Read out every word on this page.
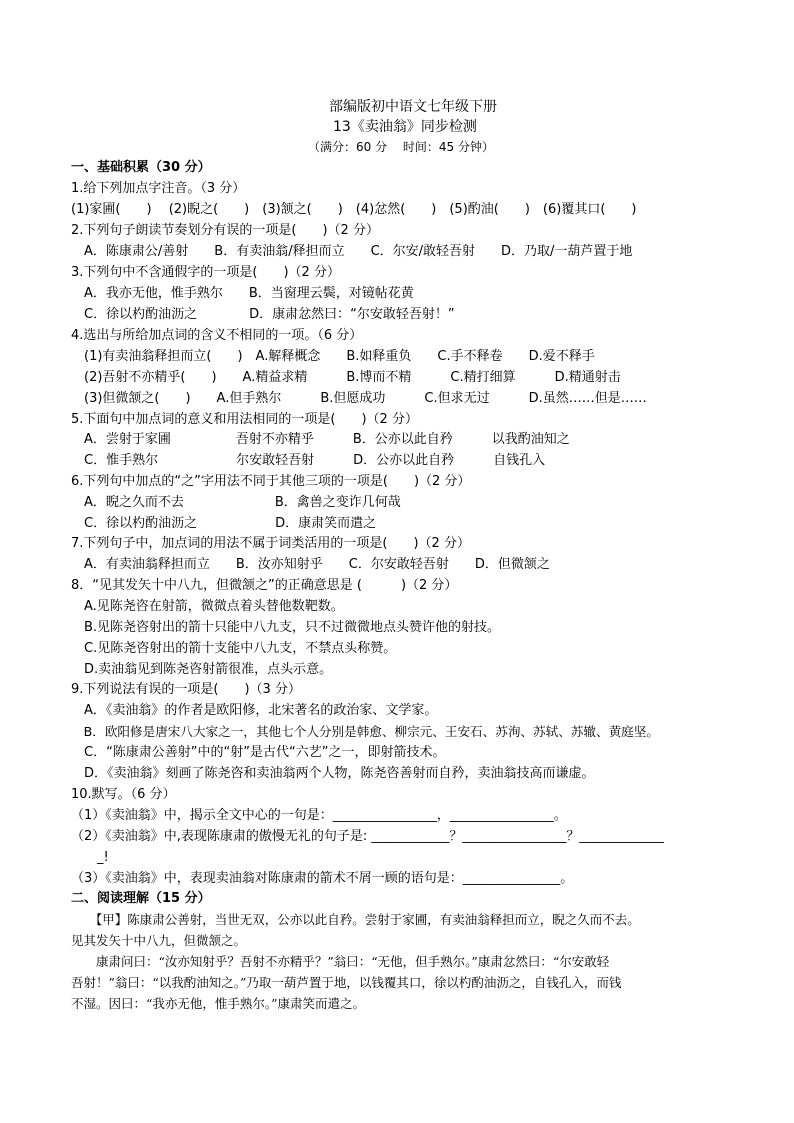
部编版初中语文七年级下册
13《卖油翁》同步检测
（满分：60 分　 时间：45 分钟）
一、基础积累（30 分）
1.给下列加点字注音。（3 分）
(1)家圃(　　)　 (2)睨之(　　)　(3)颔之(　　)　(4)忿然(　　)　(5)酌油(　　)　(6)覆其口(　　)
2.下列句子朗读节奏划分有误的一项是(　　)（2 分）
　A．陈康肃公/善射　　B．有卖油翁/释担而立　　C．尔安/敢轻吾射　　D．乃取/一葫芦置于地
3.下列句中不含通假字的一项是(　　)（2 分）
　A．我亦无他，惟手熟尔　　B．当窗理云鬓，对镜帖花黄
　C．徐以杓酌油沥之　　　　D．康肃忿然曰：“尔安敢轻吾射！”
4.选出与所给加点词的含义不相同的一项。（6 分）
　(1)有卖油翁释担而立(　　)　A.解释概念　　B.如释重负　　C.手不释卷　　D.爱不释手
　(2)吾射不亦精乎(　　)　　A.精益求精　　　B.博而不精　　　C.精打细算　　　D.精通射击
　(3)但微颔之(　　)　　A.但手熟尔　　　B.但愿成功　　　C.但求无过　　　D.虽然……但是……
5.下面句中加点词的意义和用法相同的一项是(　　)（2 分）
　A．尝射于家圃　　　　　吾射不亦精乎　　　B．公亦以此自矜　　　以我酌油知之
　C．惟手熟尔　　　　　　尔安敢轻吾射　　　D．公亦以此自矜　　　自钱孔入
6.下列句中加点的“之”字用法不同于其他三项的一项是(　　)（2 分）
　A．睨之久而不去　　　　　　　B．禽兽之变诈几何哉
　C．徐以杓酌油沥之　　　　　　D．康肃笑而遣之
7.下列句子中，加点词的用法不属于词类活用的一项是(　　)（2 分）
　A．有卖油翁释担而立　　B．汝亦知射乎　　C．尔安敢轻吾射　　D．但微颔之
8．“见其发矢十中八九，但微颔之”的正确意思是 (　　　)（2 分）
　A.见陈尧咨在射箭，微微点着头替他数靶数。
　B.见陈尧咨射出的箭十只能中八九支，只不过微微地点头赞许他的射技。
　C.见陈尧咨射出的箭十支能中八九支，不禁点头称赞。
　D.卖油翁见到陈尧咨射箭很准，点头示意。
9.下列说法有误的一项是(　　)（3 分）
　A．《卖油翁》的作者是欧阳修，北宋著名的政治家、文学家。
　B．欧阳修是唐宋八大家之一，其他七个人分别是韩愈、柳宗元、王安石、苏洵、苏轼、苏辙、黄庭坚。
　C．“陈康肃公善射”中的“射”是古代“六艺”之一，即射箭技术。
　D．《卖油翁》刻画了陈尧咨和卖油翁两个人物，陈尧咨善射而自矜，卖油翁技高而谦虚。
10.默写。（6 分）
（1）《卖油翁》中，揭示全文中心的一句是：________________，________________。
（2）《卖油翁》中,表现陈康肃的傲慢无礼的句子是: ____________？________________？_____________
　　_!
（3）《卖油翁》中，表现卖油翁对陈康肃的箭术不屑一顾的语句是：_______________。
二、阅读理解（15 分）
　　【甲】陈康肃公善射，当世无双，公亦以此自矜。尝射于家圃，有卖油翁释担而立，睨之久而不去。
见其发矢十中八九，但微颔之。
　　康肃问曰：“汝亦知射乎？吾射不亦精乎？”翁曰：“无他，但手熟尔。”康肃忿然曰：“尔安敢轻
吾射！”翁曰：“以我酌油知之。”乃取一葫芦置于地，以钱覆其口，徐以杓酌油沥之，自钱孔入，而钱
不湿。因曰：“我亦无他，惟手熟尔。”康肃笑而遣之。
